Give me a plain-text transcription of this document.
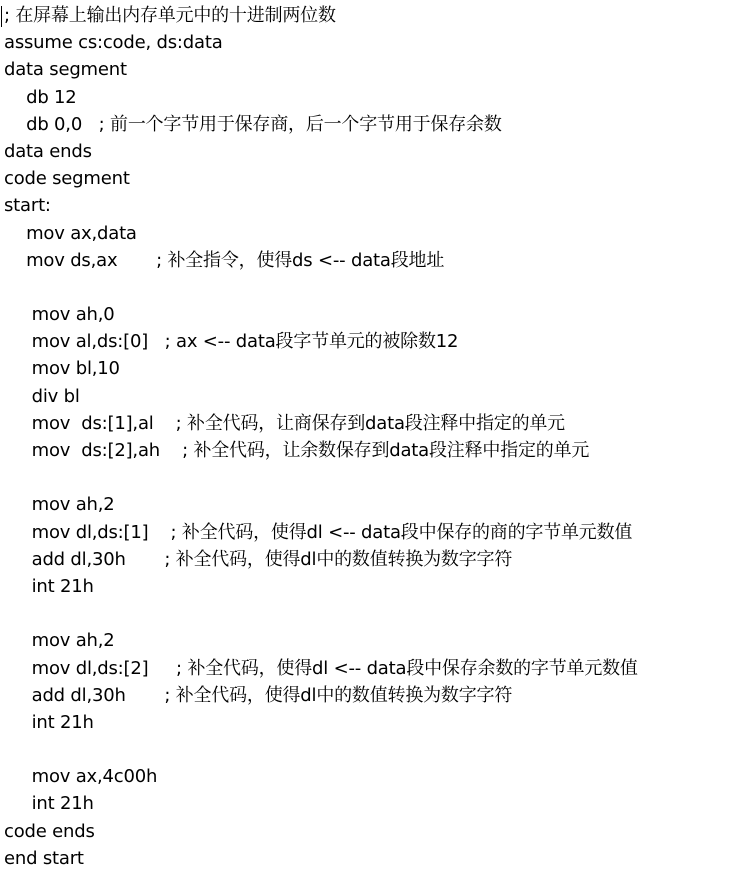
; 在屏幕上输出内存单元中的十进制两位数
assume cs:code, ds:data
data segment
db 12
db 0,0   ; 前一个字节用于保存商，后一个字节用于保存余数
data ends
code segment
start:
mov ax,data
mov ds,ax       ; 补全指令，使得ds <-- data段地址
mov ah,0
mov al,ds:[0]   ; ax <-- data段字节单元的被除数12
mov bl,10
div bl
mov  ds:[1],al    ; 补全代码，让商保存到data段注释中指定的单元
mov  ds:[2],ah    ; 补全代码，让余数保存到data段注释中指定的单元
mov ah,2
mov dl,ds:[1]    ; 补全代码，使得dl <-- data段中保存的商的字节单元数值
add dl,30h       ; 补全代码，使得dl中的数值转换为数字字符
int 21h
mov ah,2
mov dl,ds:[2]     ; 补全代码，使得dl <-- data段中保存余数的字节单元数值
add dl,30h       ; 补全代码，使得dl中的数值转换为数字字符
int 21h
mov ax,4c00h
int 21h
code ends
end start
